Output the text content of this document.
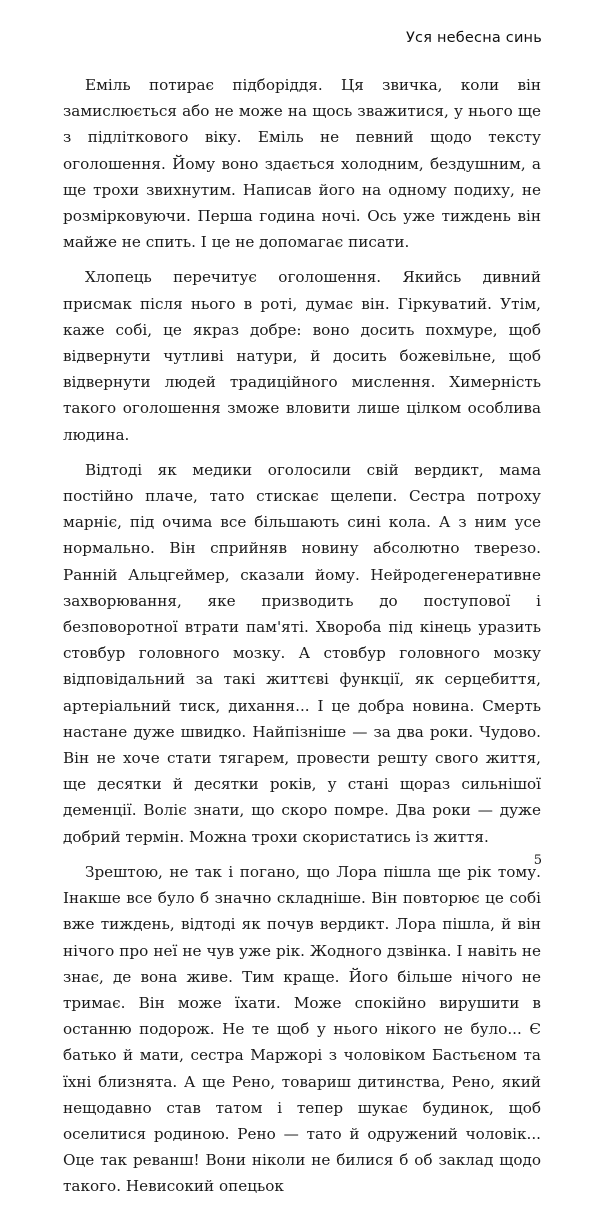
Уся небесна синь

Еміль потирає підборіддя. Ця звичка, коли він замислюється або не може на щось зважитися, у нього ще з підліткового віку. Еміль не певний щодо тексту оголошення. Йому воно здається холодним, бездушним, а ще трохи звихнутим. Написав його на одному подиху, не розмірковуючи. Перша година ночі. Ось уже тиждень він майже не спить. І це не допомагає писати.

Хлопець перечитує оголошення. Якийсь дивний присмак після нього в роті, думає він. Гіркуватий. Утім, каже собі, це якраз добре: воно досить похмуре, щоб відвернути чутливі натури, й досить божевільне, щоб відвернути людей традиційного мислення. Химерність такого оголошення зможе вловити лише цілком особлива людина.

Відтоді як медики оголосили свій вердикт, мама постійно плаче, тато стискає щелепи. Сестра потроху марніє, під очима все більшають сині кола. А з ним усе нормально. Він сприйняв новину абсолютно тверезо. Ранній Альцгеймер, сказали йому. Нейродегенеративне захворювання, яке призводить до поступової і безповоротної втрати пам'яті. Хвороба під кінець уразить стовбур головного мозку. А стовбур головного мозку відповідальний за такі життєві функції, як серцебиття, артеріальний тиск, дихання... І це добра новина. Смерть настане дуже швидко. Найпізніше — за два роки. Чудово. Він не хоче стати тягарем, провести решту свого життя, ще десятки й десятки років, у стані щораз сильнішої деменції. Воліє знати, що скоро помре. Два роки — дуже добрий термін. Можна трохи скористатись із життя.

Зрештою, не так і погано, що Лора пішла ще рік тому. Інакше все було б значно складніше. Він повторює це собі вже тиждень, відтоді як почув вердикт. Лора пішла, й він нічого про неї не чув уже рік. Жодного дзвінка. І навіть не знає, де вона живе. Тим краще. Його більше нічого не тримає. Він може їхати. Може спокійно вирушити в останню подорож. Не те щоб у нього нікого не було... Є батько й мати, сестра Маржорі з чоловіком Бастьєном та їхні близнята. А ще Рено, товариш дитинства, Рено, який нещодавно став татом і тепер шукає будинок, щоб оселитися родиною. Рено — тато й одружений чоловік... Оце так реванш! Вони ніколи не билися б об заклад щодо такого. Невисокий опецьок

5
